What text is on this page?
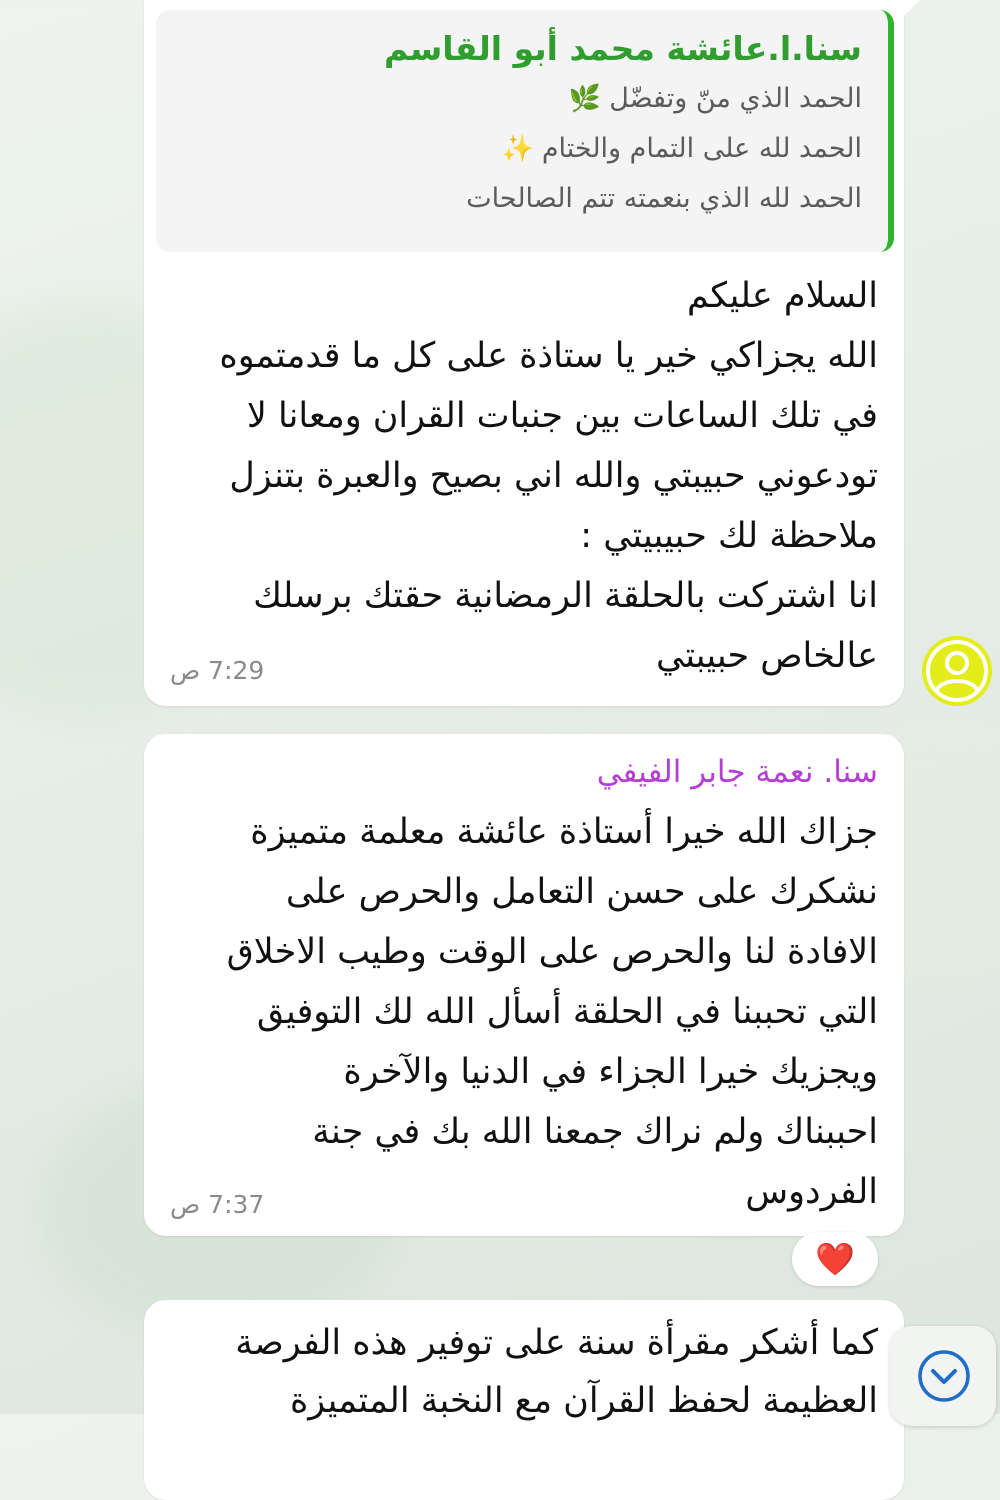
سنا.ا.عائشة محمد أبو القاسم

الحمد الذي منّ وتفضّل🌿

الحمد لله على التمام والختام✨

الحمد لله الذي بنعمته تتم الصالحات

السلام عليكم
الله يجزاكي خير يا ستاذة على كل ما قدمتموه
في تلك الساعات بين جنبات القران ومعانا لا
تودعوني حبيبتي والله اني بصيح والعبرة بتنزل
ملاحظة لك حبيبيتي :
انا اشتركت بالحلقة الرمضانية حقتك برسلك
عالخاص حبيبتي

7:29 ص

سنا. نعمة جابر الفيفي

جزاك الله خيرا أستاذة عائشة معلمة متميزة
نشكرك على حسن التعامل والحرص على
الافادة لنا والحرص على الوقت وطيب الاخلاق
التي تحببنا في الحلقة أسأل الله لك التوفيق
ويجزيك خيرا الجزاء في الدنيا والآخرة
احببناك ولم نراك جمعنا الله بك في جنة
الفردوس

7:37 ص
❤️

كما أشكر مقرأة سنة على توفير هذه الفرصة
العظيمة لحفظ القرآن مع النخبة المتميزة
